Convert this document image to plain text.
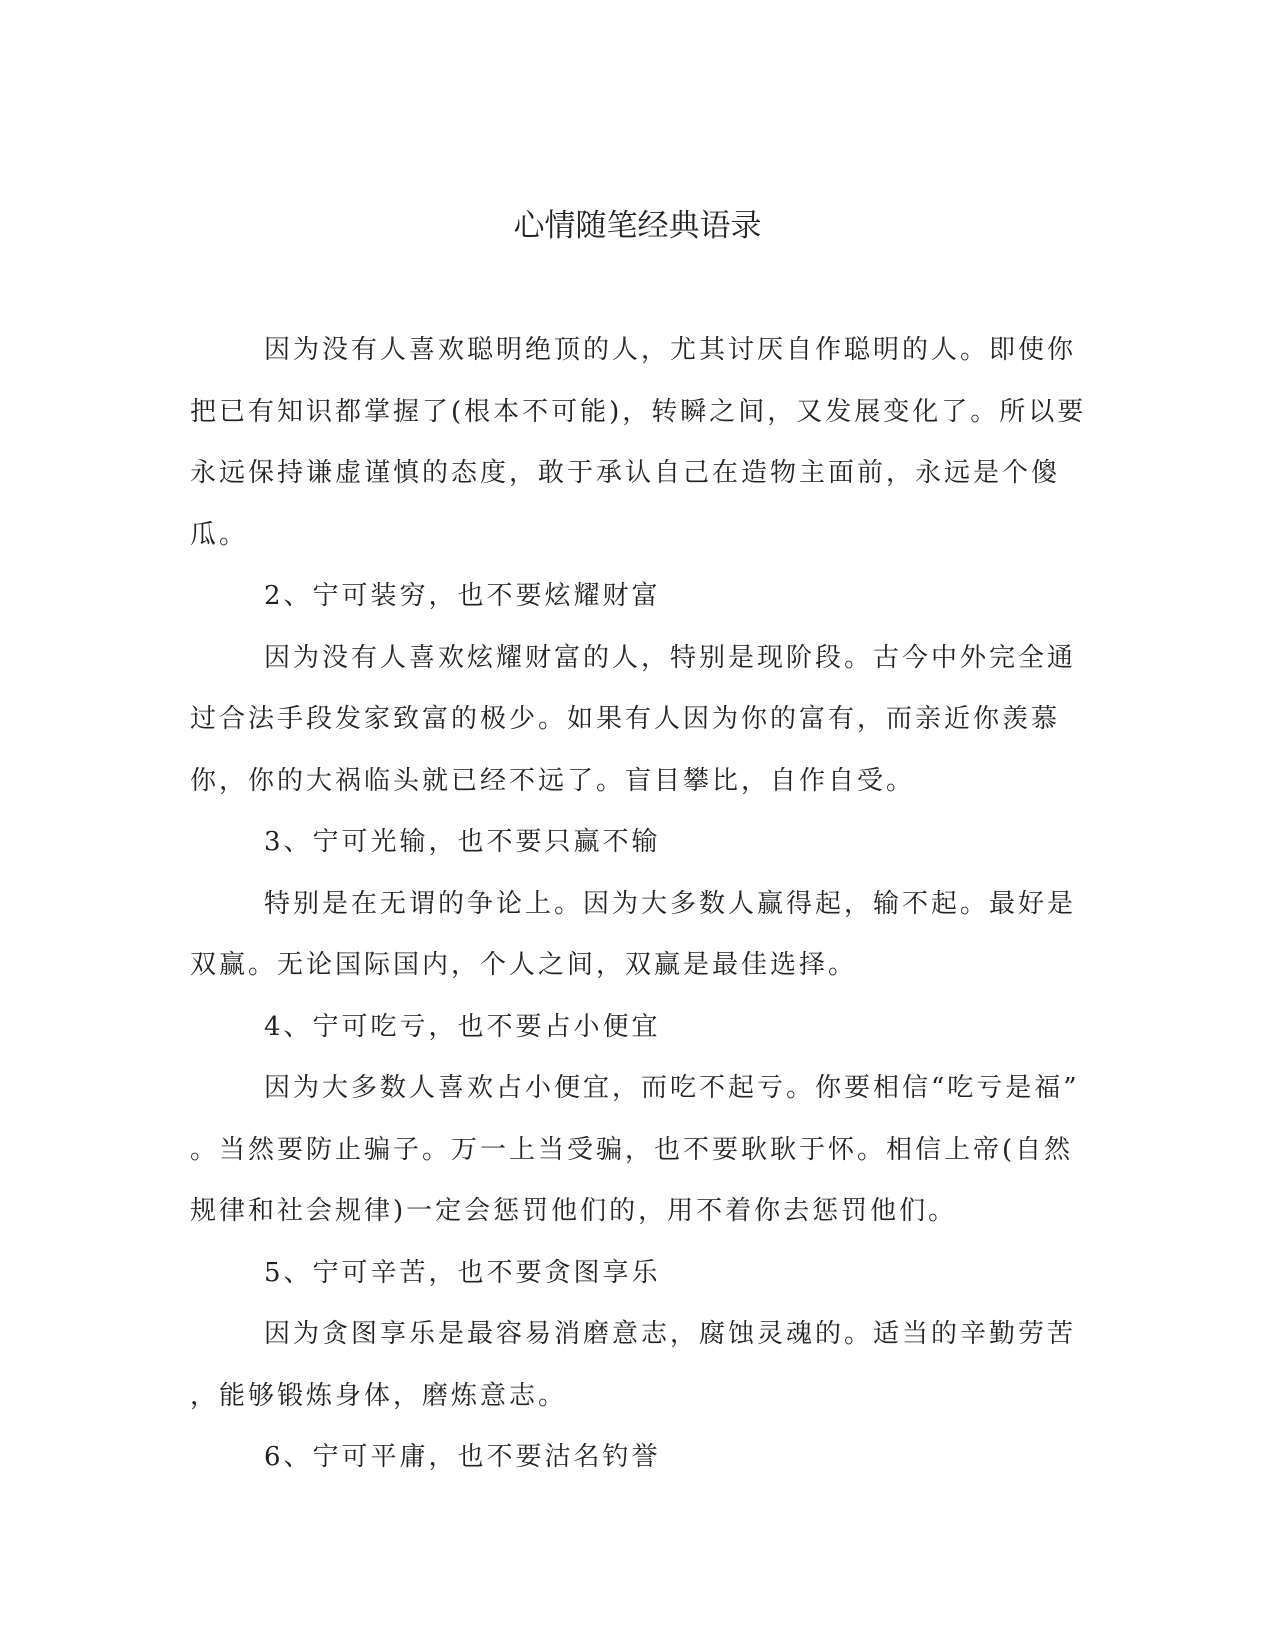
心情随笔经典语录
因为没有人喜欢聪明绝顶的人，尤其讨厌自作聪明的人。即使你
把已有知识都掌握了(根本不可能)，转瞬之间，又发展变化了。所以要
永远保持谦虚谨慎的态度，敢于承认自己在造物主面前，永远是个傻
瓜。
2、宁可装穷，也不要炫耀财富
因为没有人喜欢炫耀财富的人，特别是现阶段。古今中外完全通
过合法手段发家致富的极少。如果有人因为你的富有，而亲近你羡慕
你，你的大祸临头就已经不远了。盲目攀比，自作自受。
3、宁可光输，也不要只赢不输
特别是在无谓的争论上。因为大多数人赢得起，输不起。最好是
双赢。无论国际国内，个人之间，双赢是最佳选择。
4、宁可吃亏，也不要占小便宜
因为大多数人喜欢占小便宜，而吃不起亏。你要相信“吃亏是福”
。当然要防止骗子。万一上当受骗，也不要耿耿于怀。相信上帝(自然
规律和社会规律)一定会惩罚他们的，用不着你去惩罚他们。
5、宁可辛苦，也不要贪图享乐
因为贪图享乐是最容易消磨意志，腐蚀灵魂的。适当的辛勤劳苦
，能够锻炼身体，磨炼意志。
6、宁可平庸，也不要沽名钓誉
